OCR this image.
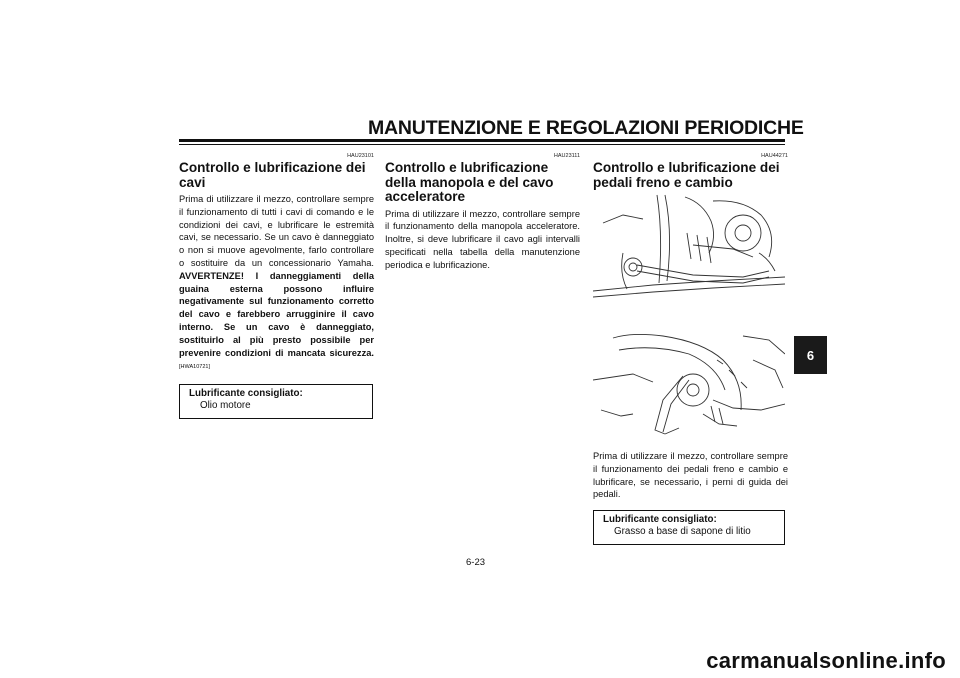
MANUTENZIONE E REGOLAZIONI PERIODICHE
HAU23101
Controllo e lubrificazione dei cavi
Prima di utilizzare il mezzo, controllare sempre il funzionamento di tutti i cavi di comando e le condizioni dei cavi, e lubrificare le estremità cavi, se necessario. Se un cavo è danneggiato o non si muove agevolmente, farlo controllare o sostituire da un concessionario Yamaha. AVVERTENZE! I danneggiamenti della guaina esterna possono influire negativamente sul funzionamento corretto del cavo e farebbero arrugginire il cavo interno. Se un cavo è danneggiato, sostituirlo al più presto possibile per prevenire condizioni di mancata sicurezza. [HWA10721]
Lubrificante consigliato:
Olio motore
HAU23111
Controllo e lubrificazione della manopola e del cavo acceleratore
Prima di utilizzare il mezzo, controllare sempre il funzionamento della manopola acceleratore. Inoltre, si deve lubrificare il cavo agli intervalli specificati nella tabella della manutenzione periodica e lubrificazione.
HAU44271
Controllo e lubrificazione dei pedali freno e cambio
Prima di utilizzare il mezzo, controllare sempre il funzionamento dei pedali freno e cambio e lubrificare, se necessario, i perni di guida dei pedali.
Lubrificante consigliato:
Grasso a base di sapone di litio
6
6-23
carmanualsonline.info
